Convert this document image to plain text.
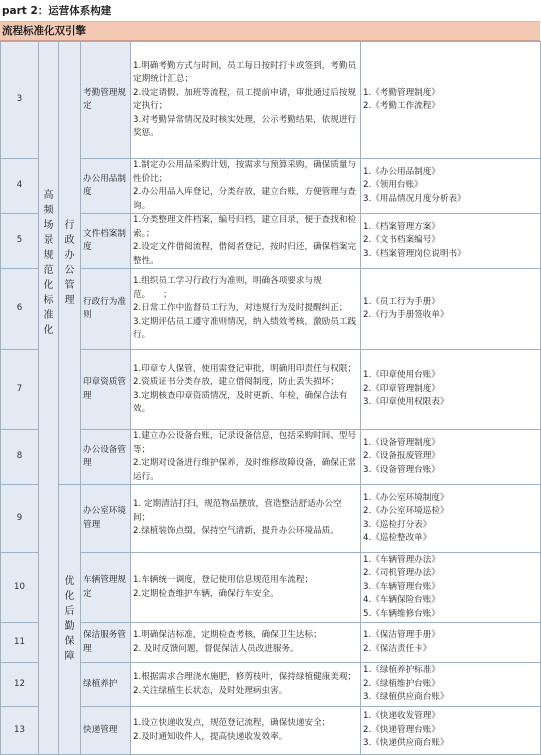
part 2：运营体系构建
流程标准化双引擎
3	高频场景规范化标准化	行政办公管理	考勤管理规定	1.明确考勤方式与时间，员工每日按时打卡或签到，考勤员定期统计汇总；
2.设定请假、加班等流程，员工提前申请，审批通过后按规定执行；
3.对考勤异常情况及时核实处理，公示考勤结果，依规进行奖惩。	1.《考勤管理制度》
2.《考勤工作流程》

4			办公用品制度	1.制定办公用品采购计划，按需求与预算采购，确保质量与性价比；
2.办公用品入库登记，分类存放，建立台账，方便管理与查询。	1.《办公用品制度》
2.《领用台账》
3.《用品情况月度分析表》

5			文件档案制度	1.分类整理文件档案，编号归档，建立目录，便于查找和检索。；
2.设定文件借阅流程，借阅者登记，按时归还，确保档案完整性。	1.《档案管理方案》
2.《文书档案编号》
3.《档案管理岗位说明书》

6			行政行为准则	1.组织员工学习行政行为准则，明确各项要求与规范。　　；
2.日常工作中监督员工行为，对违规行为及时提醒纠正；
3.定期评估员工遵守准则情况，纳入绩效考核，激励员工践行。	1.《员工行为手册》
2.《行为手册签收单》

7			印章资质管理	1.印章专人保管，使用需登记审批，明确用印责任与权限；
2.资质证书分类存放，建立借阅制度，防止丢失损坏；
3.定期核查印章资质情况，及时更新、年检，确保合法有效。	1.《印章使用台账》
2.《印章管理制度》
3.《印章使用权限表》

8			办公设备管理	1.建立办公设备台账，记录设备信息，包括采购时间、型号等；
2.定期对设备进行维护保养，及时维修故障设备，确保正常运行。	1.《设备管理制度》
2.《设备报废管理》
3.《设备管理台账》

9		优化后勤保障	办公室环境管理	1. 定期清洁打扫，规范物品摆放，营造整洁舒适办公空间；
2.绿植装饰点缀，保持空气清新，提升办公环境品质。	1.《办公室环境制度》
2.《办公室环境巡检》
3.《巡检打分表》
4.《巡检整改单》

10			车辆管理规定	1.车辆统一调度，登记使用信息规范用车流程；
2.定期检查维护车辆，确保行车安全。	1.《车辆管理办法》
2.《司机管理办法》
3.《车辆管理台账》
4.《车辆保险台账》
5.《车辆维修台账》

11			保洁服务管理	1.明确保洁标准，定期检查考核，确保卫生达标；
2. 及时反馈问题，督促保洁人员改进服务。	1.《保洁管理手册》
2.《保洁责任卡》

12			绿植养护	1.根据需求合理浇水施肥，修剪枝叶，保持绿植健康美观；
2.关注绿植生长状态，及时处理病虫害。	1.《绿植养护标准》
2.《绿植维护台账》
3.《绿植供应商台账》

13			快递管理	1.设立快递收发点，规范登记流程，确保快递安全；
2.及时通知收件人，提高快递收发效率。	1.《快递收发管理》
2.《快递管理台账》
3.《快递供应商台账》
